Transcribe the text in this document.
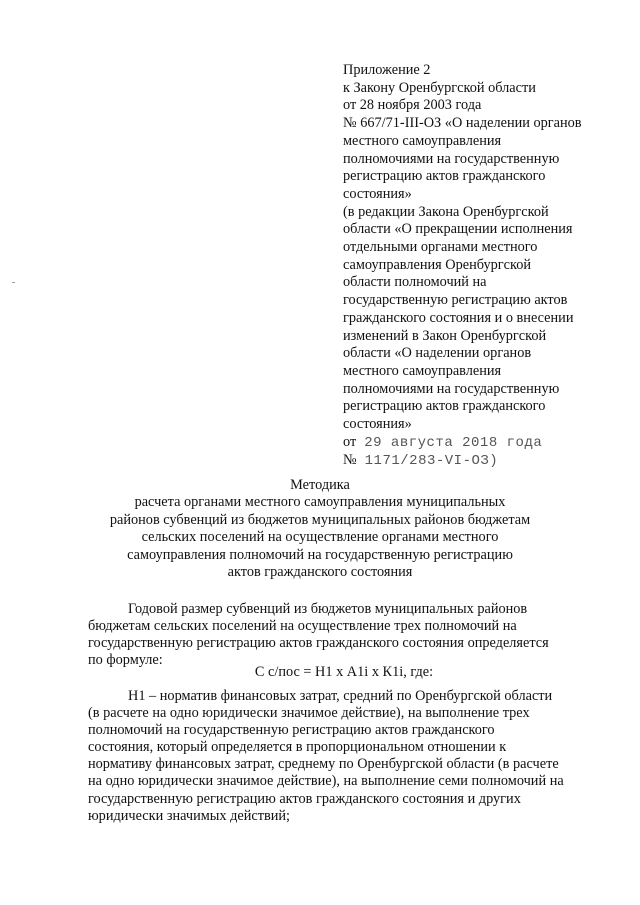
Приложение 2
к Закону Оренбургской области
от 28 ноября 2003 года
№ 667/71-III-ОЗ «О наделении органов
местного самоуправления
полномочиями на государственную
регистрацию актов гражданского
состояния»
(в редакции Закона Оренбургской
области «О прекращении исполнения
отдельными органами местного
самоуправления Оренбургской
области полномочий на
государственную регистрацию актов
гражданского состояния и о внесении
изменений в Закон Оренбургской
области «О наделении органов
местного самоуправления
полномочиями на государственную
регистрацию актов гражданского
состояния»
от 29 августа 2018 года
№ 1171/283-VI-ОЗ)
Методика
расчета органами местного самоуправления муниципальных
районов субвенций из бюджетов муниципальных районов бюджетам
сельских поселений на осуществление органами местного
самоуправления полномочий на государственную регистрацию
актов гражданского состояния

Годовой размер субвенций из бюджетов муниципальных районов
бюджетам сельских поселений на осуществление трех полномочий на
государственную регистрацию актов гражданского состояния определяется
по формуле:

С с/пос = Н1 х А1i х К1i, где:

Н1 – норматив финансовых затрат, средний по Оренбургской области
(в расчете на одно юридически значимое действие), на выполнение трех
полномочий на государственную регистрацию актов гражданского
состояния, который определяется в пропорциональном отношении к
нормативу финансовых затрат, среднему по Оренбургской области (в расчете
на одно юридически значимое действие), на выполнение семи полномочий на
государственную регистрацию актов гражданского состояния и других
юридически значимых действий;
